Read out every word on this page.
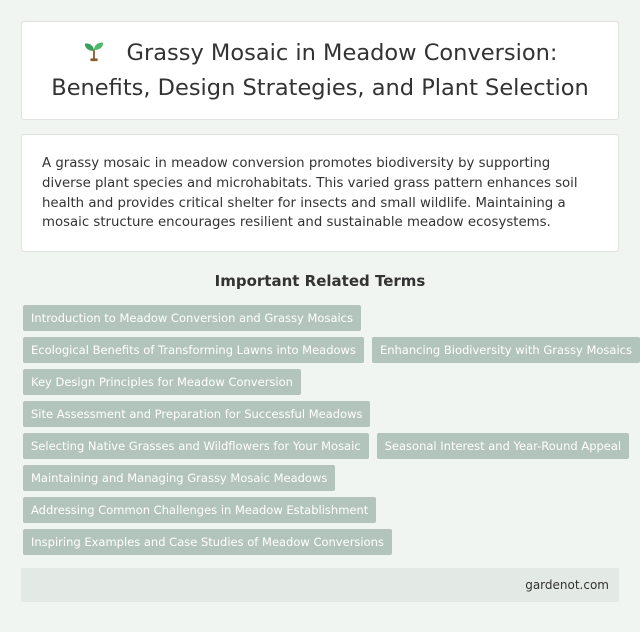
Grassy Mosaic in Meadow Conversion:
Benefits, Design Strategies, and Plant Selection

A grassy mosaic in meadow conversion promotes biodiversity by supporting diverse plant species and microhabitats. This varied grass pattern enhances soil health and provides critical shelter for insects and small wildlife. Maintaining a mosaic structure encourages resilient and sustainable meadow ecosystems.

Important Related Terms
Introduction to Meadow Conversion and Grassy Mosaics
Ecological Benefits of Transforming Lawns into Meadows	Enhancing Biodiversity with Grassy Mosaics
Key Design Principles for Meadow Conversion
Site Assessment and Preparation for Successful Meadows
Selecting Native Grasses and Wildflowers for Your Mosaic	Seasonal Interest and Year-Round Appeal
Maintaining and Managing Grassy Mosaic Meadows
Addressing Common Challenges in Meadow Establishment
Inspiring Examples and Case Studies of Meadow Conversions
gardenot.com
